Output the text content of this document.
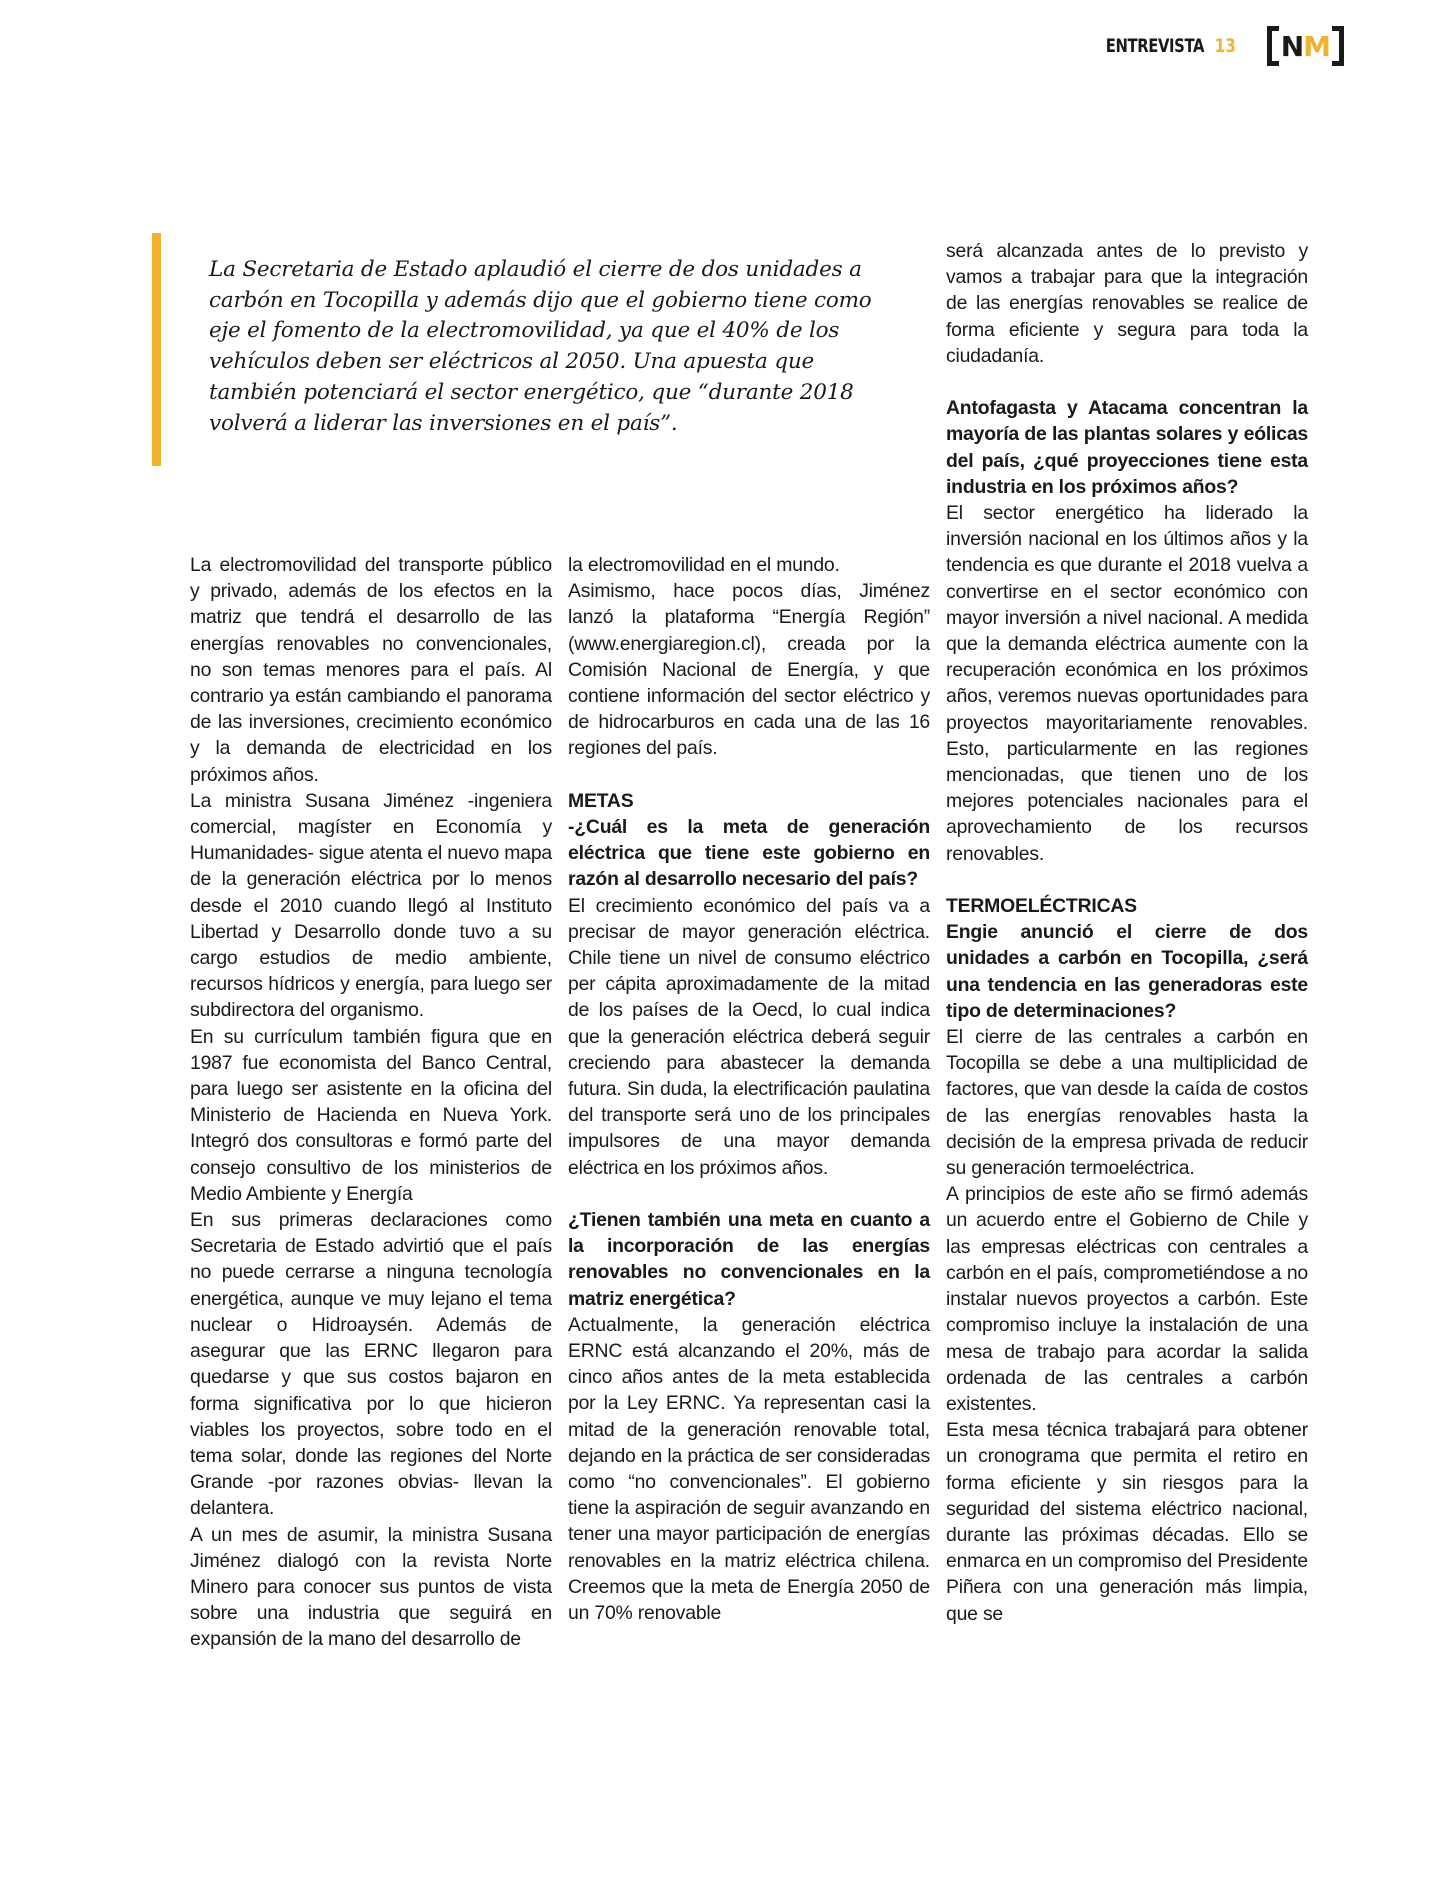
ENTREVISTA 13 N M

La Secretaria de Estado aplaudió el cierre de dos unidades a carbón en Tocopilla y además dijo que el gobierno tiene como eje el fomento de la electromovilidad, ya que el 40% de los vehículos deben ser eléctricos al 2050. Una apuesta que también potenciará el sector energético, que “durante 2018 volverá a liderar las inversiones en el país”.

La electromovilidad del transporte público y privado, además de los efectos en la matriz que tendrá el desarrollo de las energías renovables no convencionales, no son temas menores para el país. Al contrario ya están cambiando el panorama de las inversiones, crecimiento económico y la demanda de electricidad en los próximos años.

La ministra Susana Jiménez -ingeniera comercial, magíster en Economía y Humanidades- sigue atenta el nuevo mapa de la generación eléctrica por lo menos desde el 2010 cuando llegó al Instituto Libertad y Desarrollo donde tuvo a su cargo estudios de medio ambiente, recursos hídricos y energía, para luego ser subdirectora del organismo.

En su currículum también figura que en 1987 fue economista del Banco Central, para luego ser asistente en la oficina del Ministerio de Hacienda en Nueva York. Integró dos consultoras e formó parte del consejo consultivo de los ministerios de Medio Ambiente y Energía

En sus primeras declaraciones como Secretaria de Estado advirtió que el país no puede cerrarse a ninguna tecnología energética, aunque ve muy lejano el tema nuclear o Hidroaysén. Además de asegurar que las ERNC llegaron para quedarse y que sus costos bajaron en forma significativa por lo que hicieron viables los proyectos, sobre todo en el tema solar, donde las regiones del Norte Grande -por razones obvias- llevan la delantera.

A un mes de asumir, la ministra Susana Jiménez dialogó con la revista Norte Minero para conocer sus puntos de vista sobre una industria que seguirá en expansión de la mano del desarrollo de

la electromovilidad en el mundo.

Asimismo, hace pocos días, Jiménez lanzó la plataforma “Energía Región” (www.energiaregion.cl), creada por la Comisión Nacional de Energía, y que contiene información del sector eléctrico y de hidrocarburos en cada una de las 16 regiones del país.

METAS

-¿Cuál es la meta de generación eléctrica que tiene este gobierno en razón al desarrollo necesario del país?

El crecimiento económico del país va a precisar de mayor generación eléctrica. Chile tiene un nivel de consumo eléctrico per cápita aproximadamente de la mitad de los países de la Oecd, lo cual indica que la generación eléctrica deberá seguir creciendo para abastecer la demanda futura. Sin duda, la electrificación paulatina del transporte será uno de los principales impulsores de una mayor demanda eléctrica en los próximos años.

¿Tienen también una meta en cuanto a la incorporación de las energías renovables no convencionales en la matriz energética?

Actualmente, la generación eléctrica ERNC está alcanzando el 20%, más de cinco años antes de la meta establecida por la Ley ERNC. Ya representan casi la mitad de la generación renovable total, dejando en la práctica de ser consideradas como “no convencionales”. El gobierno tiene la aspiración de seguir avanzando en tener una mayor participación de energías renovables en la matriz eléctrica chilena. Creemos que la meta de Energía 2050 de un 70% renovable

será alcanzada antes de lo previsto y vamos a trabajar para que la integración de las energías renovables se realice de forma eficiente y segura para toda la ciudadanía.

Antofagasta y Atacama concentran la mayoría de las plantas solares y eólicas del país, ¿qué proyecciones tiene esta industria en los próximos años?

El sector energético ha liderado la inversión nacional en los últimos años y la tendencia es que durante el 2018 vuelva a convertirse en el sector económico con mayor inversión a nivel nacional. A medida que la demanda eléctrica aumente con la recuperación económica en los próximos años, veremos nuevas oportunidades para proyectos mayoritariamente renovables. Esto, particularmente en las regiones mencionadas, que tienen uno de los mejores potenciales nacionales para el aprovechamiento de los recursos renovables.

TERMOELÉCTRICAS

Engie anunció el cierre de dos unidades a carbón en Tocopilla, ¿será una tendencia en las generadoras este tipo de determinaciones?

El cierre de las centrales a carbón en Tocopilla se debe a una multiplicidad de factores, que van desde la caída de costos de las energías renovables hasta la decisión de la empresa privada de reducir su generación termoeléctrica.

A principios de este año se firmó además un acuerdo entre el Gobierno de Chile y las empresas eléctricas con centrales a carbón en el país, comprometiéndose a no instalar nuevos proyectos a carbón. Este compromiso incluye la instalación de una mesa de trabajo para acordar la salida ordenada de las centrales a carbón existentes.

Esta mesa técnica trabajará para obtener un cronograma que permita el retiro en forma eficiente y sin riesgos para la seguridad del sistema eléctrico nacional, durante las próximas décadas. Ello se enmarca en un compromiso del Presidente Piñera con una generación más limpia, que se
